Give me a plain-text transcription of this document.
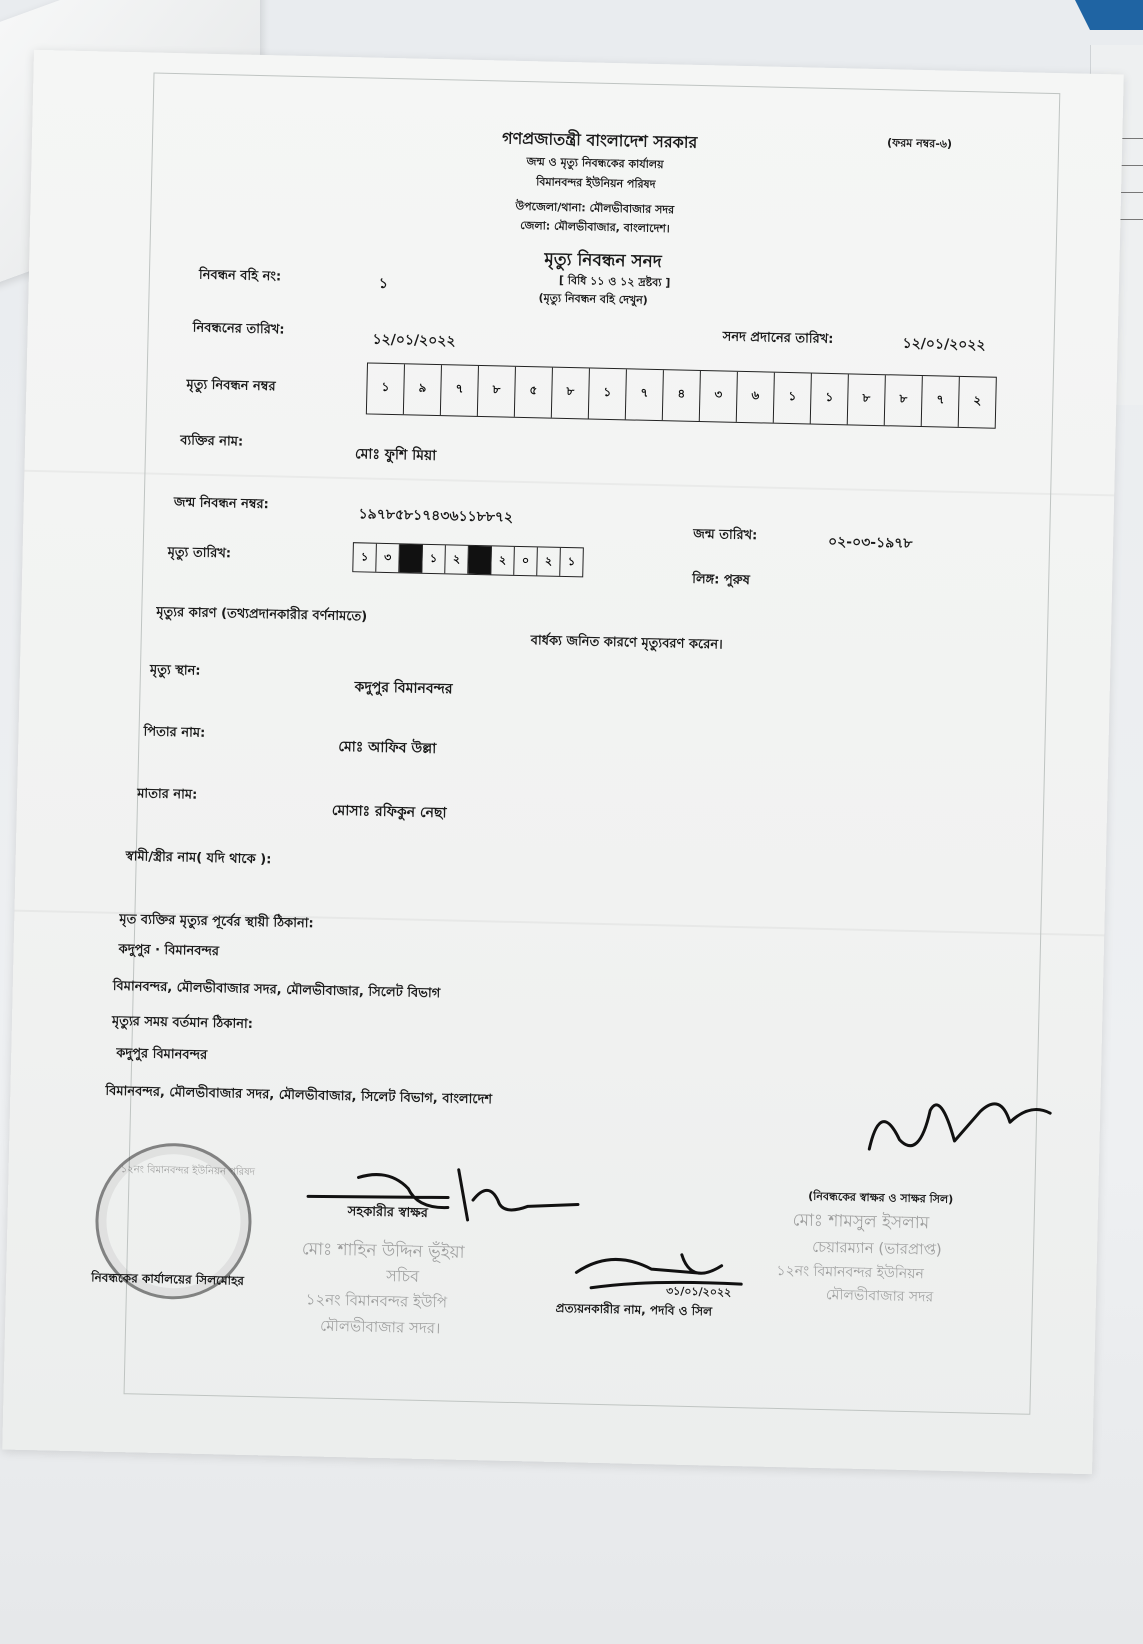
গণপ্রজাতন্ত্রী বাংলাদেশ সরকার	(ফরম নম্বর-৬)
জন্ম ও মৃত্যু নিবন্ধকের কার্যালয়
বিমানবন্দর ইউনিয়ন পরিষদ
উপজেলা/থানা: মৌলভীবাজার সদর
জেলা: মৌলভীবাজার, বাংলাদেশ।
মৃত্যু নিবন্ধন সনদ
[ বিধি ১১ ও ১২ দ্রষ্টব্য ]
(মৃত্যু নিবন্ধন বহি দেখুন)
নিবন্ধন বহি নং:	১
নিবন্ধনের তারিখ:
১২/০১/২০২২	সনদ প্রদানের তারিখ:	১২/০১/২০২২
মৃত্যু নিবন্ধন নম্বর	১	৯	৭	৮	৫	৮	১	৭	৪	৩	৬	১	১	৮	৮	৭	২
ব্যক্তির নাম:
মোঃ ফুশি মিয়া
জন্ম নিবন্ধন নম্বর:
১৯৭৮৫৮১৭৪৩৬১১৮৮৭২
জন্ম তারিখ:	০২-০৩-১৯৭৮
মৃত্যু তারিখ:	১	৩	১	২	২	০	২	১
লিঙ্গ: পুরুষ
মৃত্যুর কারণ (তথ্যপ্রদানকারীর বর্ণনামতে)
বার্ধক্য জনিত কারণে মৃত্যুবরণ করেন।
মৃত্যু স্থান:
কদুপুর বিমানবন্দর
পিতার নাম:
মোঃ আফিব উল্লা
মাতার নাম:
মোসাঃ রফিকুন নেছা
স্বামী/স্ত্রীর নাম( যদি থাকে ):
মৃত ব্যক্তির মৃত্যুর পূর্বের স্থায়ী ঠিকানা:
কদুপুর · বিমানবন্দর
বিমানবন্দর, মৌলভীবাজার সদর, মৌলভীবাজার, সিলেট বিভাগ
মৃত্যুর সময় বর্তমান ঠিকানা:
কদুপুর বিমানবন্দর
বিমানবন্দর, মৌলভীবাজার সদর, মৌলভীবাজার, সিলেট বিভাগ, বাংলাদেশ
১২নং বিমানবন্দর ইউনিয়ন পরিষদ
নিবন্ধকের কার্যালয়ের সিলমোহর
সহকারীর স্বাক্ষর
মোঃ শাহিন উদ্দিন ভূঁইয়া
সচিব
১২নং বিমানবন্দর ইউপি
মৌলভীবাজার সদর।
৩১/০১/২০২২
প্রত্যয়নকারীর নাম, পদবি ও সিল
(নিবন্ধকের স্বাক্ষর ও সাক্ষর সিল)
মোঃ শামসুল ইসলাম
চেয়ারম্যান (ভারপ্রাপ্ত)
১২নং বিমানবন্দর ইউনিয়ন
মৌলভীবাজার সদর
